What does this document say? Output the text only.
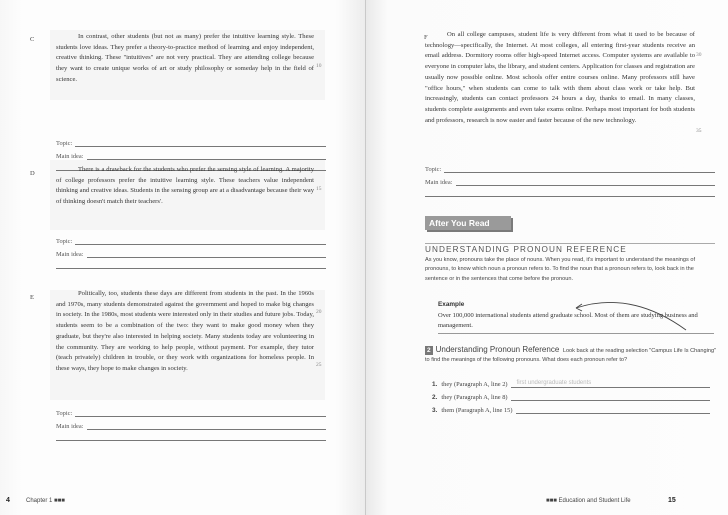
C	In contrast, other students (but not as many) prefer the intuitive learning style. These students love ideas. They prefer a theory-to-practice method of learning and enjoy independent, creative thinking. These "intuitives" are not very practical. They are attending college because they want to create unique works of art or study philosophy or someday help in the field of science.
10
Topic:
Main idea:
D
There is a drawback for the students who prefer the sensing style of learning. A majority of college professors prefer the intuitive learning style. These teachers value independent thinking and creative ideas. Students in the sensing group are at a disadvantage because their way of thinking doesn't match their teachers'.
15
Topic:
Main idea:
E
Politically, too, students these days are different from students in the past. In the 1960s and 1970s, many students demonstrated against the government and hoped to make big changes in society. In the 1980s, most students were interested only in their studies and future jobs. Today, students seem to be a combination of the two: they want to make good money when they graduate, but they're also interested in helping society. Many students today are volunteering in the community. They are working to help people, without payment. For example, they tutor (teach privately) children in trouble, or they work with organizations for homeless people. In these ways, they hope to make changes in society.
20
25
Topic:
Main idea:
4	Chapter 1 ■■■
F	On all college campuses, student life is very different from what it used to be because of technology—specifically, the Internet. At most colleges, all entering first-year students receive an email address. Dormitory rooms offer high-speed Internet access. Computer systems are available to everyone in computer labs, the library, and student centers. Application for classes and registration are usually now possible online. Most schools offer entire courses online. Many professors still have "office hours," when students can come to talk with them about class work or take help. But increasingly, students can contact professors 24 hours a day, thanks to email. In many classes, students complete assignments and even take exams online. Perhaps most important for both students and professors, research is now easier and faster because of the new technology.
30
35
Topic:
Main idea:
After You Read
UNDERSTANDING PRONOUN REFERENCE
As you know, pronouns take the place of nouns. When you read, it's important to understand the meanings of pronouns, to know which noun a pronoun refers to. To find the noun that a pronoun refers to, look back in the sentence or in the sentences that come before the pronoun.
Example
Over 100,000 international students attend graduate school. Most of them are studying business and management.
2 Understanding Pronoun Reference Look back at the reading selection "Campus Life Is Changing" to find the meanings of the following pronouns. What does each pronoun refer to?
1. they (Paragraph A, line 2) first undergraduate students
2. they (Paragraph A, line 8)
3. them (Paragraph A, line 15)
■■■ Education and Student Life	15
